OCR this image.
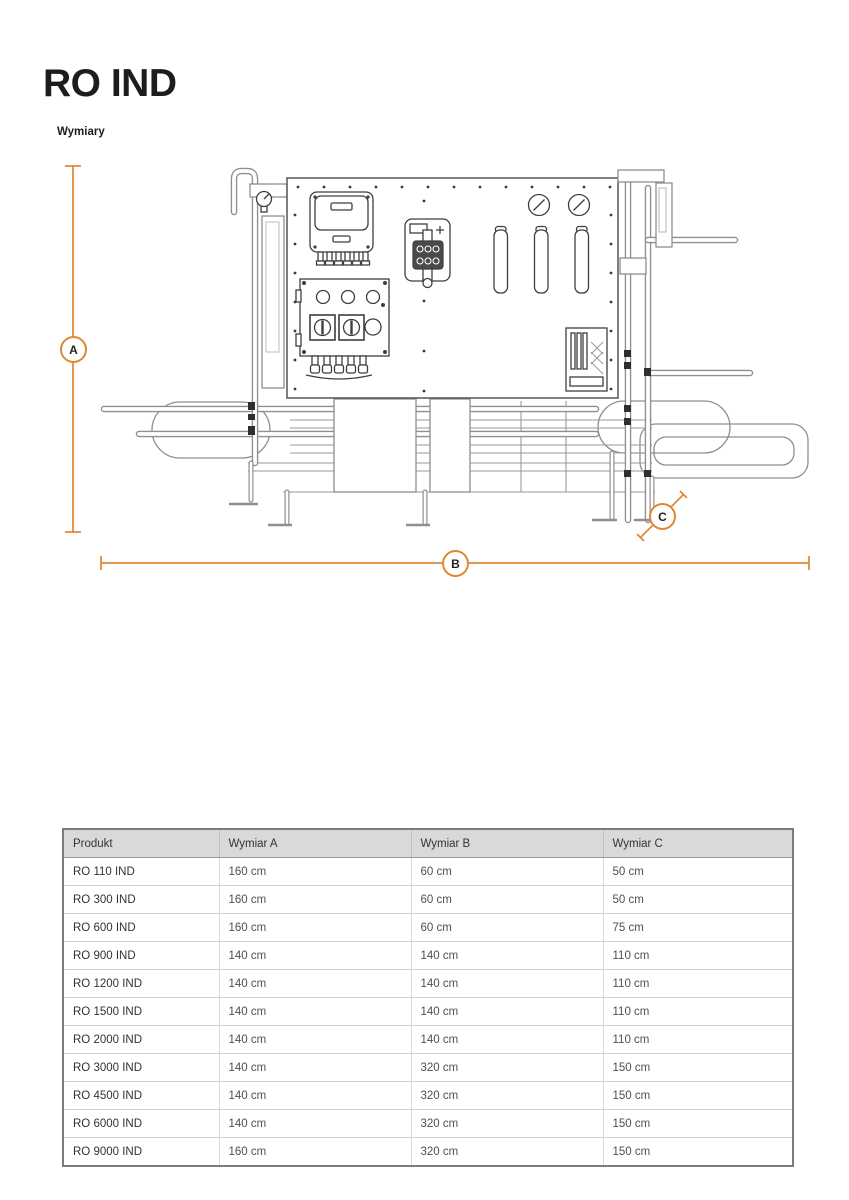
RO IND
Wymiary
A
B
C
Produkt	Wymiar A	Wymiar B	Wymiar C
RO 110 IND	160 cm	60 cm	50 cm
RO 300 IND	160 cm	60 cm	50 cm
RO 600 IND	160 cm	60 cm	75 cm
RO 900 IND	140 cm	140 cm	110 cm
RO 1200 IND	140 cm	140 cm	110 cm
RO 1500 IND	140 cm	140 cm	110 cm
RO 2000 IND	140 cm	140 cm	110 cm
RO 3000 IND	140 cm	320 cm	150 cm
RO 4500 IND	140 cm	320 cm	150 cm
RO 6000 IND	140 cm	320 cm	150 cm
RO 9000 IND	160 cm	320 cm	150 cm
